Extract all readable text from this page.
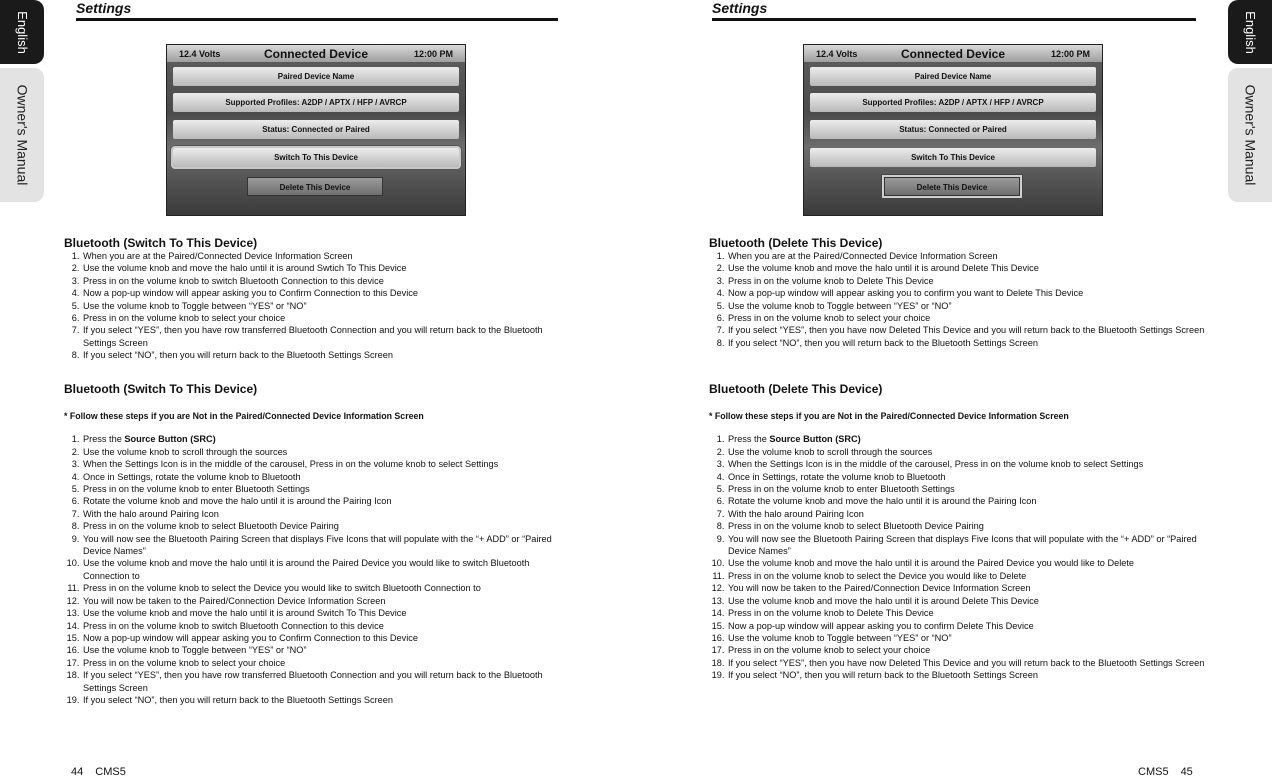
English
Owner's Manual
Settings
12.4 Volts	Connected Device	12:00 PM
Paired Device Name
Supported Profiles: A2DP / APTX / HFP / AVRCP
Status: Connected or Paired
Switch To This Device
Delete This Device

Bluetooth (Switch To This Device)

1. When you are at the Paired/Connected Device Information Screen
2. Use the volume knob and move the halo until it is around Swtich To This Device
3. Press in on the volume knob to switch Bluetooth Connection to this device
4. Now a pop-up window will appear asking you to Confirm Connection to this Device
5. Use the volume knob to Toggle between “YES” or “NO”
6. Press in on the volume knob to select your choice
7. If you select “YES”, then you have row transferred Bluetooth Connection and you will return back to the Bluetooth Settings Screen
8. If you select “NO”, then you will return back to the Bluetooth Settings Screen

Bluetooth (Switch To This Device)

* Follow these steps if you are Not in the Paired/Connected Device Information Screen

1. Press the Source Button (SRC)
2. Use the volume knob to scroll through the sources
3. When the Settings Icon is in the middle of the carousel, Press in on the volume knob to select Settings
4. Once in Settings, rotate the volume knob to Bluetooth
5. Press in on the volume knob to enter Bluetooth Settings
6. Rotate the volume knob and move the halo until it is around the Pairing Icon
7. With the halo around Pairing Icon
8. Press in on the volume knob to select Bluetooth Device Pairing
9. You will now see the Bluetooth Pairing Screen that displays Five Icons that will populate with the “+ ADD” or “Paired Device Names”
10. Use the volume knob and move the halo until it is around the Paired Device you would like to switch Bluetooth Connection to
11. Press in on the volume knob to select the Device you would like to switch Bluetooth Connection to
12. You will now be taken to the Paired/Connection Device Information Screen
13. Use the volume knob and move the halo until it is around Switch To This Device
14. Press in on the volume knob to switch Bluetooth Connection to this device
15. Now a pop-up window will appear asking you to Confirm Connection to this Device
16. Use the volume knob to Toggle between “YES” or “NO”
17. Press in on the volume knob to select your choice
18. If you select “YES”, then you have row transferred Bluetooth Connection and you will return back to the Bluetooth Settings Screen
19. If you select “NO”, then you will return back to the Bluetooth Settings Screen
44 CMS5
English
Owner's Manual
Settings
12.4 Volts	Connected Device	12:00 PM
Paired Device Name
Supported Profiles: A2DP / APTX / HFP / AVRCP
Status: Connected or Paired
Switch To This Device
Delete This Device

Bluetooth (Delete This Device)

1. When you are at the Paired/Connected Device Information Screen
2. Use the volume knob and move the halo until it is around Delete This Device
3. Press in on the volume knob to Delete This Device
4. Now a pop-up window will appear asking you to confirm you want to Delete This Device
5. Use the volume knob to Toggle between “YES” or “NO”
6. Press in on the volume knob to select your choice
7. If you select “YES”, then you have now Deleted This Device and you will return back to the Bluetooth Settings Screen
8. If you select “NO”, then you will return back to the Bluetooth Settings Screen

Bluetooth (Delete This Device)

* Follow these steps if you are Not in the Paired/Connected Device Information Screen

1. Press the Source Button (SRC)
2. Use the volume knob to scroll through the sources
3. When the Settings Icon is in the middle of the carousel, Press in on the volume knob to select Settings
4. Once in Settings, rotate the volume knob to Bluetooth
5. Press in on the volume knob to enter Bluetooth Settings
6. Rotate the volume knob and move the halo until it is around the Pairing Icon
7. With the halo around Pairing Icon
8. Press in on the volume knob to select Bluetooth Device Pairing
9. You will now see the Bluetooth Pairing Screen that displays Five Icons that will populate with the “+ ADD” or “Paired Device Names”
10. Use the volume knob and move the halo until it is around the Paired Device you would like to Delete
11. Press in on the volume knob to select the Device you would like to Delete
12. You will now be taken to the Paired/Connection Device Information Screen
13. Use the volume knob and move the halo until it is around Delete This Device
14. Press in on the volume knob to Delete This Device
15. Now a pop-up window will appear asking you to confirm Delete This Device
16. Use the volume knob to Toggle between “YES” or “NO”
17. Press in on the volume knob to select your choice
18. If you select “YES”, then you have now Deleted This Device and you will return back to the Bluetooth Settings Screen
19. If you select “NO”, then you will return back to the Bluetooth Settings Screen
CMS5 45
